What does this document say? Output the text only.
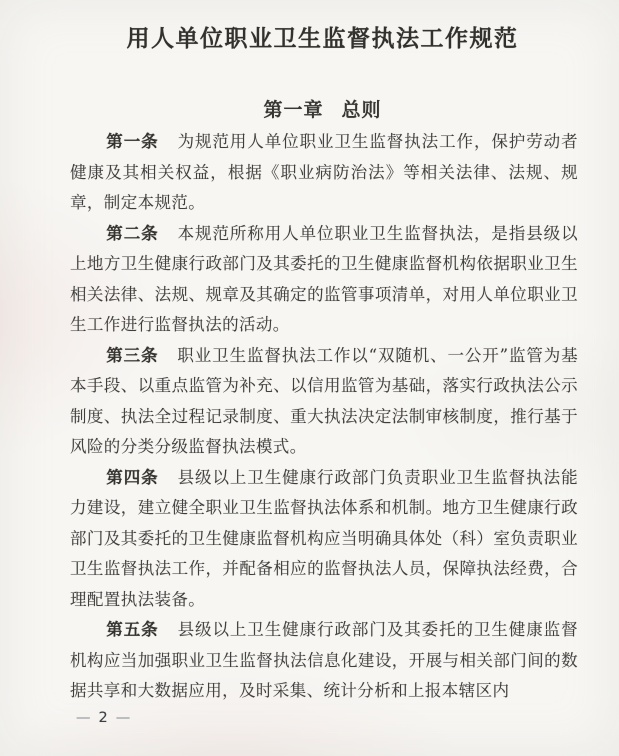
用人单位职业卫生监督执法工作规范
第一章 总则

第一条 为规范用人单位职业卫生监督执法工作，保护劳动者健康及其相关权益，根据《职业病防治法》等相关法律、法规、规章，制定本规范。

第二条 本规范所称用人单位职业卫生监督执法，是指县级以上地方卫生健康行政部门及其委托的卫生健康监督机构依据职业卫生相关法律、法规、规章及其确定的监管事项清单，对用人单位职业卫生工作进行监督执法的活动。

第三条 职业卫生监督执法工作以“双随机、一公开”监管为基本手段、以重点监管为补充、以信用监管为基础，落实行政执法公示制度、执法全过程记录制度、重大执法决定法制审核制度，推行基于风险的分类分级监督执法模式。

第四条 县级以上卫生健康行政部门负责职业卫生监督执法能力建设，建立健全职业卫生监督执法体系和机制。地方卫生健康行政部门及其委托的卫生健康监督机构应当明确具体处（科）室负责职业卫生监督执法工作，并配备相应的监督执法人员，保障执法经费，合理配置执法装备。

第五条 县级以上卫生健康行政部门及其委托的卫生健康监督机构应当加强职业卫生监督执法信息化建设，开展与相关部门间的数据共享和大数据应用，及时采集、统计分析和上报本辖区内

— 2 —
